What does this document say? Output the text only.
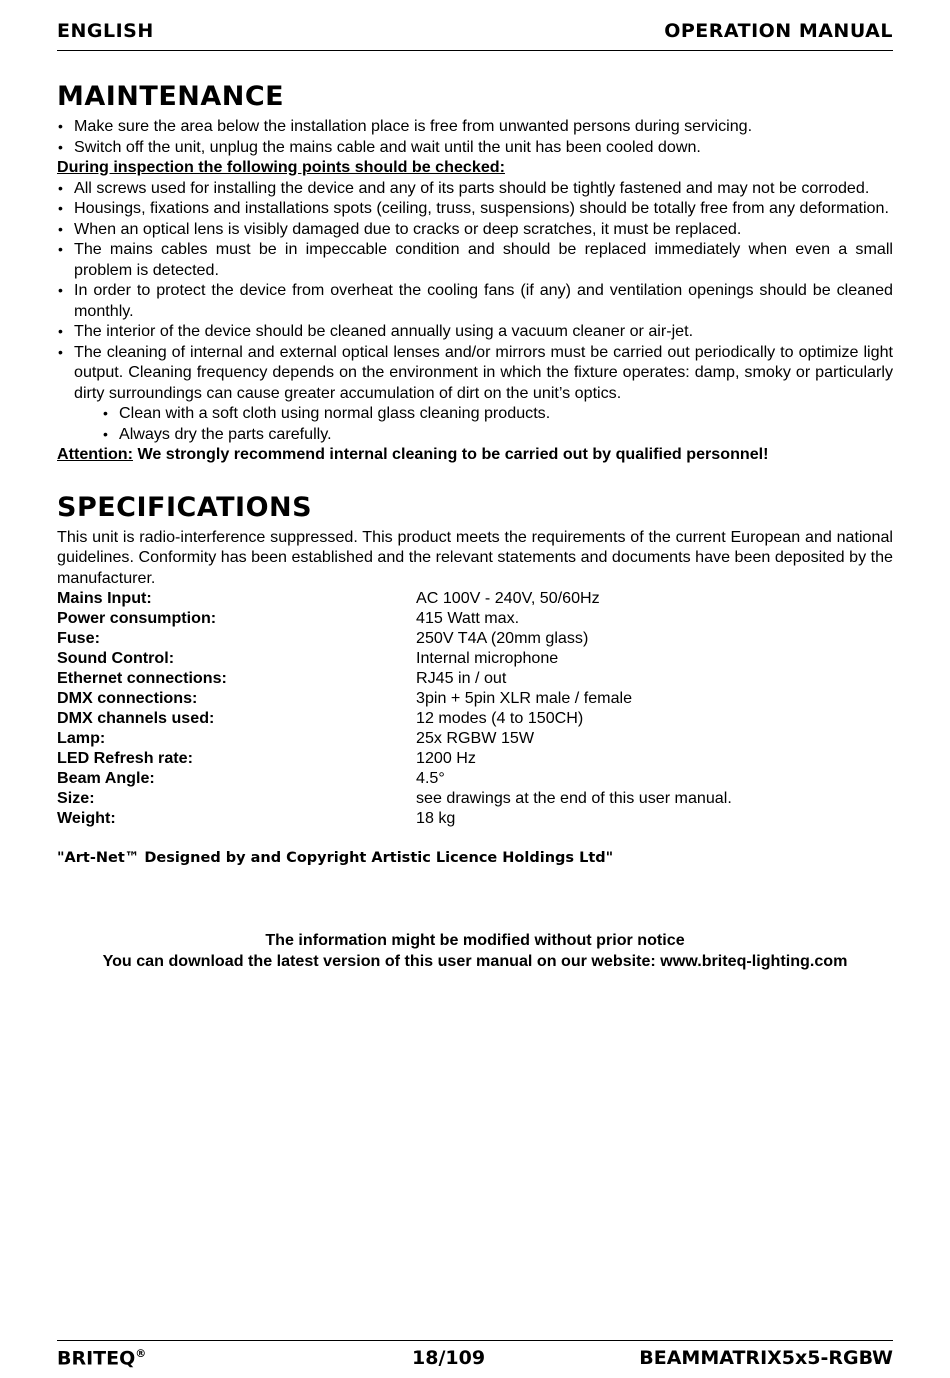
ENGLISH	OPERATION MANUAL
MAINTENANCE
• Make sure the area below the installation place is free from unwanted persons during servicing.
• Switch off the unit, unplug the mains cable and wait until the unit has been cooled down.
During inspection the following points should be checked:
• All screws used for installing the device and any of its parts should be tightly fastened and may not be corroded.
• Housings, fixations and installations spots (ceiling, truss, suspensions) should be totally free from any deformation.
• When an optical lens is visibly damaged due to cracks or deep scratches, it must be replaced.
• The mains cables must be in impeccable condition and should be replaced immediately when even a small problem is detected.
• In order to protect the device from overheat the cooling fans (if any) and ventilation openings should be cleaned monthly.
• The interior of the device should be cleaned annually using a vacuum cleaner or air-jet.
• The cleaning of internal and external optical lenses and/or mirrors must be carried out periodically to optimize light output. Cleaning frequency depends on the environment in which the fixture operates: damp, smoky or particularly dirty surroundings can cause greater accumulation of dirt on the unit’s optics.
• Clean with a soft cloth using normal glass cleaning products.
• Always dry the parts carefully.
Attention: We strongly recommend internal cleaning to be carried out by qualified personnel!
SPECIFICATIONS
This unit is radio-interference suppressed. This product meets the requirements of the current European and national guidelines. Conformity has been established and the relevant statements and documents have been deposited by the manufacturer.
Mains Input:	AC 100V - 240V, 50/60Hz
Power consumption:	415 Watt max.
Fuse:	250V T4A (20mm glass)
Sound Control:	Internal microphone
Ethernet connections:	RJ45 in / out
DMX connections:	3pin + 5pin XLR male / female
DMX channels used:	12 modes (4 to 150CH)
Lamp:	25x RGBW 15W
LED Refresh rate:	1200 Hz
Beam Angle:	4.5°
Size:	see drawings at the end of this user manual.
Weight:	18 kg
"Art-Net™ Designed by and Copyright Artistic Licence Holdings Ltd"
The information might be modified without prior notice
You can download the latest version of this user manual on our website: www.briteq-lighting.com
BRITEQ®	18/109	BEAMMATRIX5x5-RGBW
